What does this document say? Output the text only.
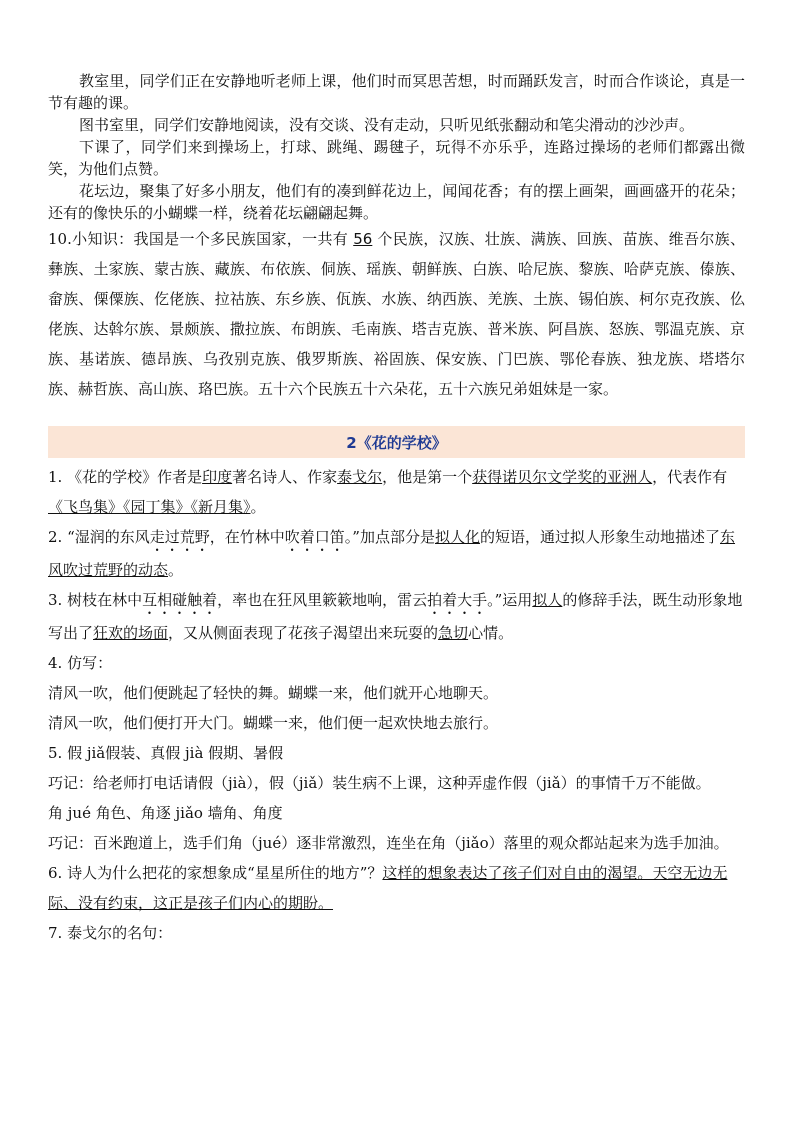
教室里，同学们正在安静地听老师上课，他们时而冥思苦想，时而踊跃发言，时而合作谈论，真是一节有趣的课。

图书室里，同学们安静地阅读，没有交谈、没有走动，只听见纸张翻动和笔尖滑动的沙沙声。

下课了，同学们来到操场上，打球、跳绳、踢毽子，玩得不亦乐乎，连路过操场的老师们都露出微笑，为他们点赞。

花坛边，聚集了好多小朋友，他们有的凑到鲜花边上，闻闻花香；有的摆上画架，画画盛开的花朵；还有的像快乐的小蝴蝶一样，绕着花坛翩翩起舞。

10.小知识：我国是一个多民族国家，一共有 56 个民族，汉族、壮族、满族、回族、苗族、维吾尔族、彝族、土家族、蒙古族、藏族、布依族、侗族、瑶族、朝鲜族、白族、哈尼族、黎族、哈萨克族、傣族、畲族、傈僳族、仡佬族、拉祜族、东乡族、佤族、水族、纳西族、羌族、土族、锡伯族、柯尔克孜族、仫佬族、达斡尔族、景颇族、撒拉族、布朗族、毛南族、塔吉克族、普米族、阿昌族、怒族、鄂温克族、京族、基诺族、德昂族、乌孜别克族、俄罗斯族、裕固族、保安族、门巴族、鄂伦春族、独龙族、塔塔尔族、赫哲族、高山族、珞巴族。五十六个民族五十六朵花，五十六族兄弟姐妹是一家。

2《花的学校》

1. 《花的学校》作者是印度著名诗人、作家泰戈尔，他是第一个获得诺贝尔文学奖的亚洲人，代表作有《飞鸟集》《园丁集》《新月集》。

2. “湿润的东风走过荒野，在竹林中吹着口笛。”加点部分是拟人化的短语，通过拟人形象生动地描述了东风吹过荒野的动态。

3. 树枝在林中互相碰触着，率也在狂风里簌簌地响，雷云拍着大手。”运用拟人的修辞手法，既生动形象地写出了狂欢的场面，又从侧面表现了花孩子渴望出来玩耍的急切心情。

4. 仿写：

清风一吹，他们便跳起了轻快的舞。蝴蝶一来，他们就开心地聊天。

清风一吹，他们便打开大门。蝴蝶一来，他们便一起欢快地去旅行。

5. 假 jiǎ假装、真假 jià 假期、暑假

巧记：给老师打电话请假（jià），假（jiǎ）装生病不上课，这种弄虚作假（jiǎ）的事情千万不能做。

角 jué 角色、角逐 jiǎo 墙角、角度

巧记：百米跑道上，选手们角（jué）逐非常激烈，连坐在角（jiǎo）落里的观众都站起来为选手加油。

6. 诗人为什么把花的家想象成“星星所住的地方”？这样的想象表达了孩子们对自由的渴望。天空无边无际、没有约束，这正是孩子们内心的期盼。

7. 泰戈尔的名句：
